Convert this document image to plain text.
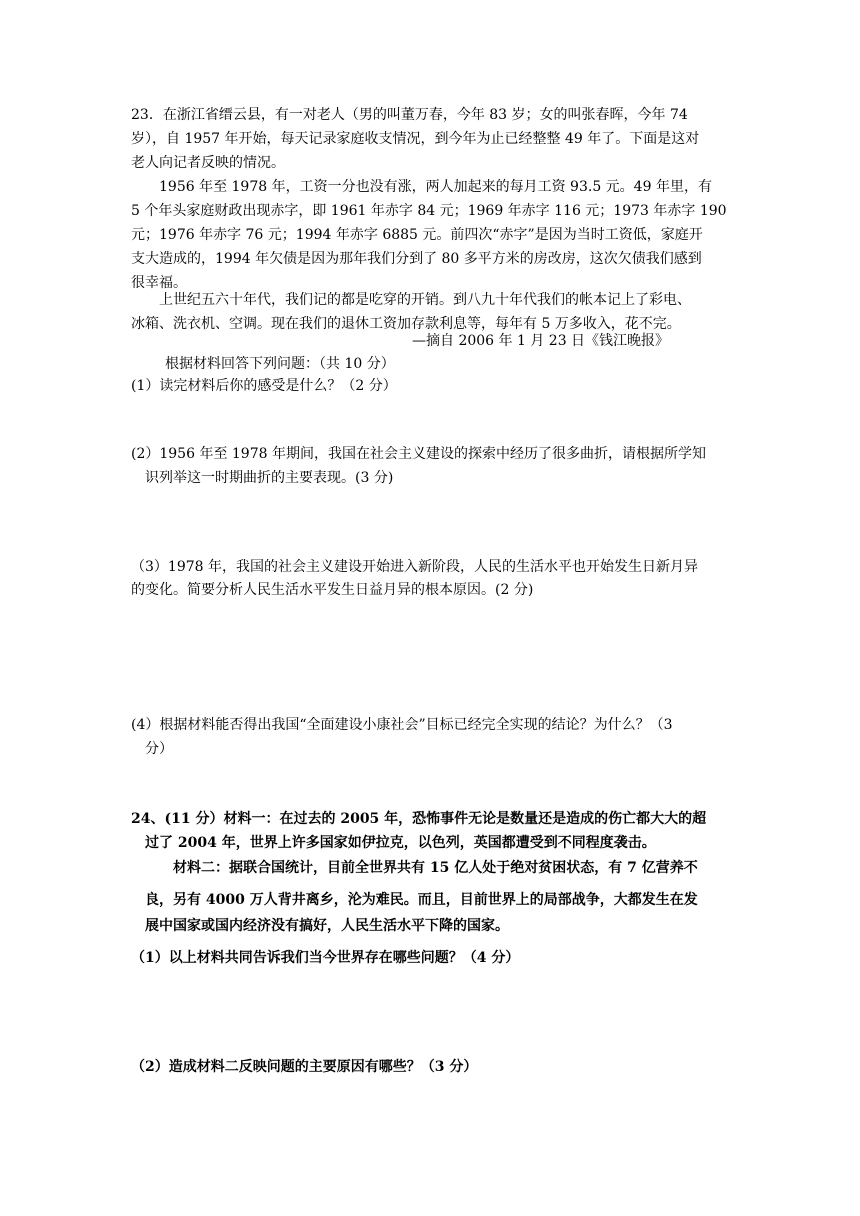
23．在浙江省缙云县，有一对老人（男的叫董万春，今年 83 岁；女的叫张春晖，今年 74
岁），自 1957 年开始，每天记录家庭收支情况，到今年为止已经整整 49 年了。下面是这对
老人向记者反映的情况。
1956 年至 1978 年，工资一分也没有涨，两人加起来的每月工资 93.5 元。49 年里，有
5 个年头家庭财政出现赤字，即 1961 年赤字 84 元；1969 年赤字 116 元；1973 年赤字 190
元；1976 年赤字 76 元；1994 年赤字 6885 元。前四次“赤字”是因为当时工资低，家庭开
支大造成的，1994 年欠债是因为那年我们分到了 80 多平方米的房改房，这次欠债我们感到
很幸福。
上世纪五六十年代，我们记的都是吃穿的开销。到八九十年代我们的帐本记上了彩电、
冰箱、洗衣机、空调。现在我们的退休工资加存款利息等，每年有 5 万多收入，花不完。
—摘自 2006 年 1 月 23 日《钱江晚报》
根据材料回答下列问题：（共 10 分）
(1）读完材料后你的感受是什么？（2 分）
(2）1956 年至 1978 年期间，我国在社会主义建设的探索中经历了很多曲折，请根据所学知
识列举这一时期曲折的主要表现。(3 分)
（3）1978 年，我国的社会主义建设开始进入新阶段，人民的生活水平也开始发生日新月异
的变化。简要分析人民生活水平发生日益月异的根本原因。(2 分)
(4）根据材料能否得出我国“全面建设小康社会”目标已经完全实现的结论？为什么？（3
分）
24、(11 分）材料一：在过去的 2005 年，恐怖事件无论是数量还是造成的伤亡都大大的超
过了 2004 年，世界上许多国家如伊拉克，以色列，英国都遭受到不同程度袭击。
材料二：据联合国统计，目前全世界共有 15 亿人处于绝对贫困状态，有 7 亿营养不
良，另有 4000 万人背井离乡，沦为难民。而且，目前世界上的局部战争，大都发生在发
展中国家或国内经济没有搞好，人民生活水平下降的国家。
（1）以上材料共同告诉我们当今世界存在哪些问题？（4 分）
（2）造成材料二反映问题的主要原因有哪些？（3 分）
